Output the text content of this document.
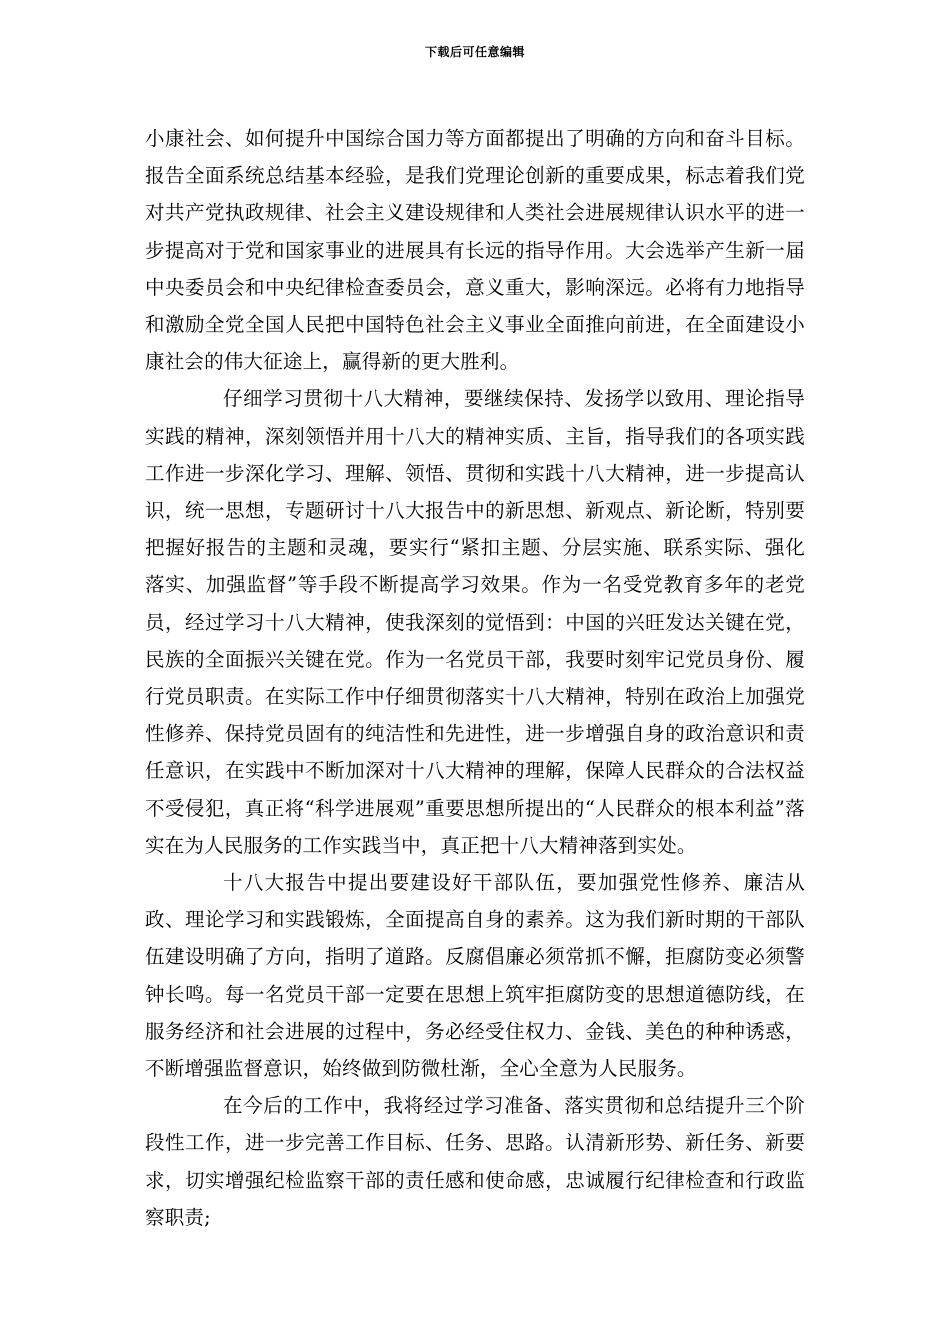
下载后可任意编辑

小康社会、如何提升中国综合国力等方面都提出了明确的方向和奋斗目标。报告全面系统总结基本经验，是我们党理论创新的重要成果，标志着我们党对共产党执政规律、社会主义建设规律和人类社会进展规律认识水平的进一步提高对于党和国家事业的进展具有长远的指导作用。大会选举产生新一届中央委员会和中央纪律检查委员会，意义重大，影响深远。必将有力地指导和激励全党全国人民把中国特色社会主义事业全面推向前进，在全面建设小康社会的伟大征途上，赢得新的更大胜利。

仔细学习贯彻十八大精神，要继续保持、发扬学以致用、理论指导实践的精神，深刻领悟并用十八大的精神实质、主旨，指导我们的各项实践工作进一步深化学习、理解、领悟、贯彻和实践十八大精神，进一步提高认识，统一思想，专题研讨十八大报告中的新思想、新观点、新论断，特别要把握好报告的主题和灵魂，要实行“紧扣主题、分层实施、联系实际、强化落实、加强监督”等手段不断提高学习效果。作为一名受党教育多年的老党员，经过学习十八大精神，使我深刻的觉悟到：中国的兴旺发达关键在党，民族的全面振兴关键在党。作为一名党员干部，我要时刻牢记党员身份、履行党员职责。在实际工作中仔细贯彻落实十八大精神，特别在政治上加强党性修养、保持党员固有的纯洁性和先进性，进一步增强自身的政治意识和责任意识，在实践中不断加深对十八大精神的理解，保障人民群众的合法权益不受侵犯，真正将“科学进展观”重要思想所提出的“人民群众的根本利益”落实在为人民服务的工作实践当中，真正把十八大精神落到实处。

十八大报告中提出要建设好干部队伍，要加强党性修养、廉洁从政、理论学习和实践锻炼，全面提高自身的素养。这为我们新时期的干部队伍建设明确了方向，指明了道路。反腐倡廉必须常抓不懈，拒腐防变必须警钟长鸣。每一名党员干部一定要在思想上筑牢拒腐防变的思想道德防线，在服务经济和社会进展的过程中，务必经受住权力、金钱、美色的种种诱惑，不断增强监督意识，始终做到防微杜渐，全心全意为人民服务。

在今后的工作中，我将经过学习准备、落实贯彻和总结提升三个阶段性工作，进一步完善工作目标、任务、思路。认清新形势、新任务、新要求，切实增强纪检监察干部的责任感和使命感，忠诚履行纪律检查和行政监察职责;
